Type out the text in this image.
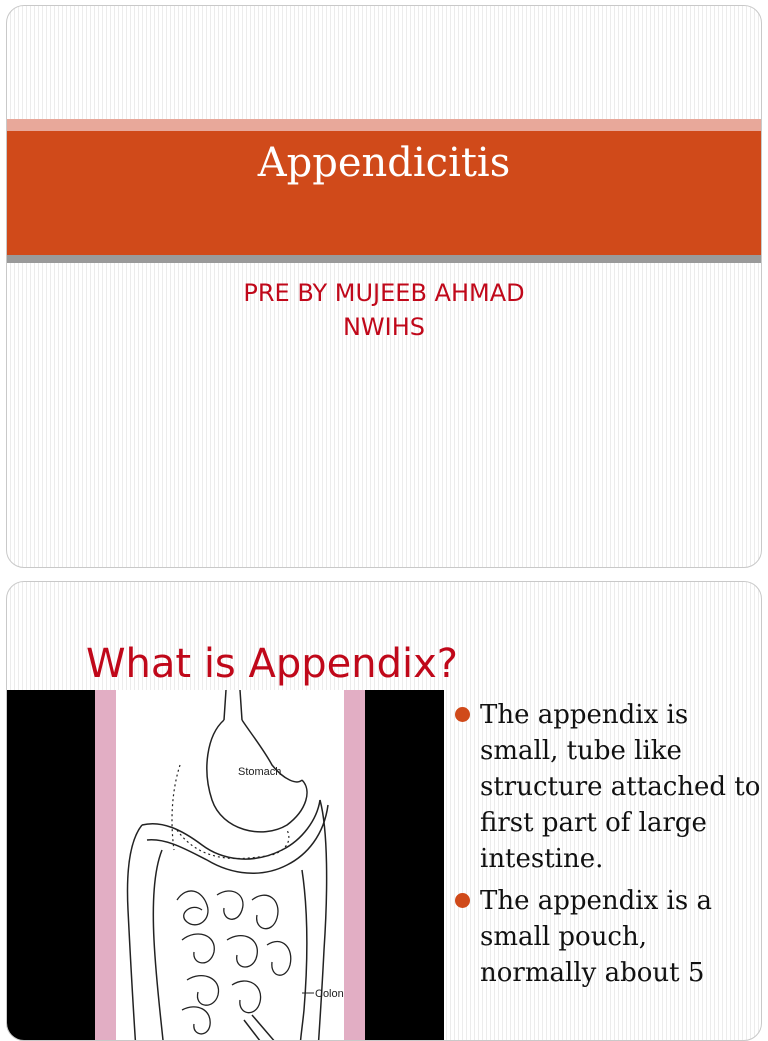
Appendicitis
PRE BY MUJEEB AHMAD
NWIHS
What is Appendix?
Stomach
Colon
The appendix is small, tube like structure attached to first part of large intestine.
The appendix is a small pouch, normally about 5
